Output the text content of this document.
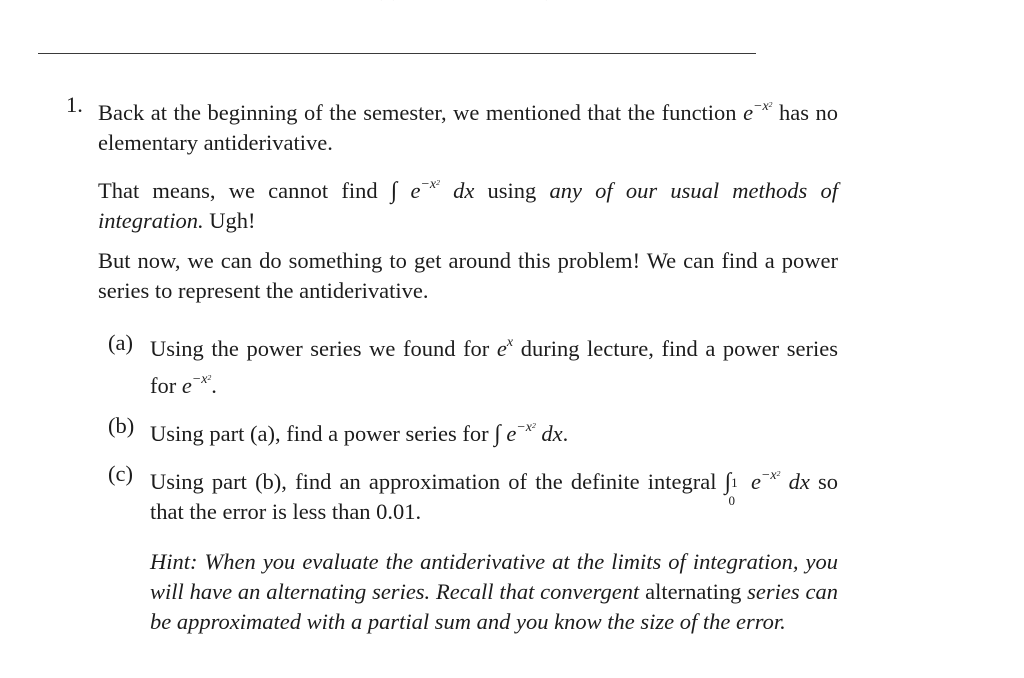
1. Back at the beginning of the semester, we mentioned that the function $e^{-x^2}$ has no elementary antiderivative.

That means, we cannot find ∫ $e^{-x^2}$ dx using any of our usual methods of integration. Ugh!

But now, we can do something to get around this problem! We can find a power series to represent the antiderivative.

(a) Using the power series we found for $e^x$ during lecture, find a power series for $e^{-x^2}$.
(b) Using part (a), find a power series for ∫ $e^{-x^2}$ dx.
(c) Using part (b), find an approximation of the definite integral ∫ 1
0
$e^{-x^2}$ dx so that the error is less than 0.01.

Hint: When you evaluate the antiderivative at the limits of integration, you will have an alternating series. Recall that convergent alternating series can be approximated with a partial sum and you know the size of the error.
